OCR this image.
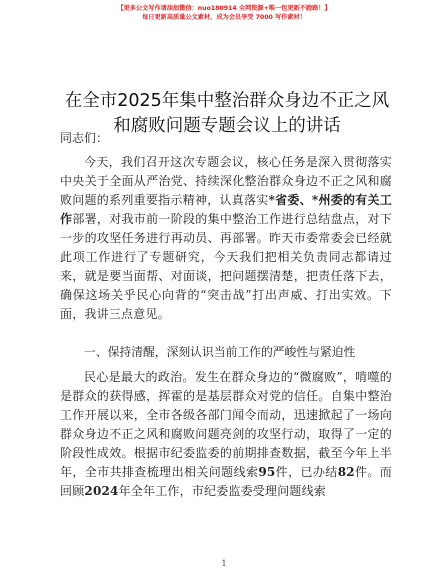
【更多公文写作请添加微信：nuo180914 全网资源+唯一包更新不跑路！】
每日更新高质量公文素材，成为会员享受 7000 写作素材！
在全市2025年集中整治群众身边不正之风和腐败问题专题会议上的讲话
同志们：
今天，我们召开这次专题会议，核心任务是深入贯彻落实中央关于全面从严治党、持续深化整治群众身边不正之风和腐败问题的系列重要指示精神，认真落实*省委、*州委的有关工作部署，对我市前一阶段的集中整治工作进行总结盘点，对下一步的攻坚任务进行再动员、再部署。昨天市委常委会已经就此项工作进行了专题研究，今天我们把相关负责同志都请过来，就是要当面帮、对面谈，把问题摆清楚，把责任落下去，确保这场关乎民心向背的“突击战”打出声威、打出实效。下面，我讲三点意见。
一、保持清醒，深刻认识当前工作的严峻性与紧迫性
民心是最大的政治。发生在群众身边的“微腐败”，啃噬的是群众的获得感，挥霍的是基层群众对党的信任。自集中整治工作开展以来，全市各级各部门闻令而动，迅速掀起了一场向群众身边不正之风和腐败问题亮剑的攻坚行动，取得了一定的阶段性成效。根据市纪委监委的前期排查数据，截至今年上半年，全市共排查梳理出相关问题线索95件，已办结82件。而回顾2024年全年工作，市纪委监委受理问题线索
1
